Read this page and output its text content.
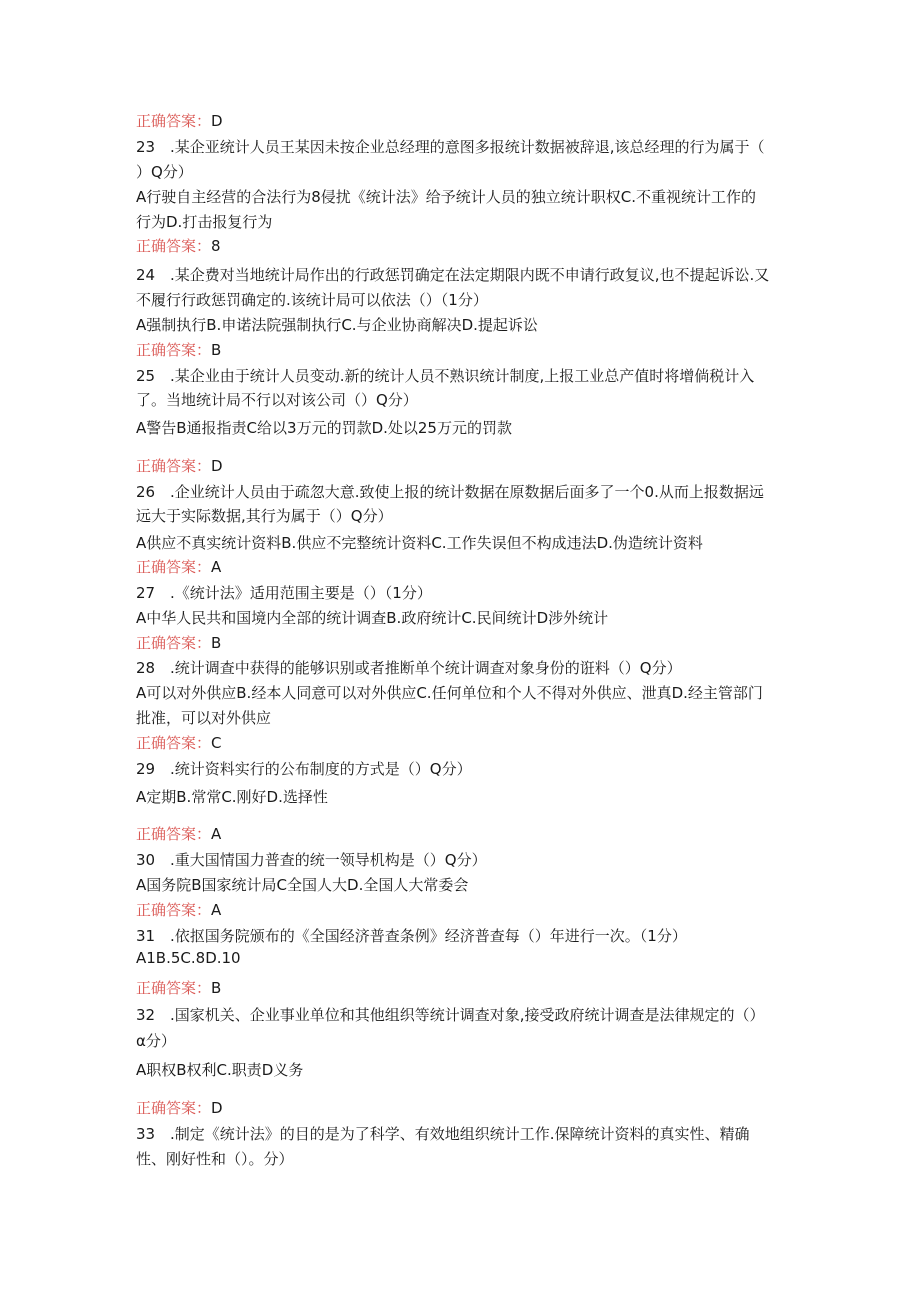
正确答案：D
23 .某企亚统计人员王某因未按企业总经理的意图多报统计数据被辞退,该总经理的行为属于（
）Q分）
A行驶自主经营的合法行为8侵扰《统计法》给予统计人员的独立统计职权C.不重视统计工作的
行为D.打击报复行为
正确答案：8
24 .某企费对当地统计局作出的行政惩罚确定在法定期限内既不申请行政复议,也不提起诉讼.又
不履行行政惩罚确定的.该统计局可以依法（）（1分）
A强制执行B.申诺法院强制执行C.与企业协商解决D.提起诉讼
正确答案：B
25 .某企业由于统计人员变动.新的统计人员不熟识统计制度,上报工业总产值时将增倘税计入
了。当地统计局不行以对该公司（）Q分）
A警告B通报指责C给以3万元的罚款D.处以25万元的罚款
正确答案：D
26 .企业统计人员由于疏忽大意.致使上报的统计数据在原数据后面多了一个0.从而上报数据远
远大于实际数据,其行为属于（）Q分）
A供应不真实统计资料B.供应不完整统计资料C.工作失误但不构成违法D.伪造统计资料
正确答案：A
27 .《统计法》适用范围主要是（）（1分）
A中华人民共和国境内全部的统计调查B.政府统计C.民间统计D涉外统计
正确答案：B
28 .统计调查中获得的能够识别或者推断单个统计调查对象身份的诳料（）Q分）
A可以对外供应B.经本人同意可以对外供应C.任何单位和个人不得对外供应、泄真D.经主管部门
批准，可以对外供应
正确答案：C
29 .统计资料实行的公布制度的方式是（）Q分）
A定期B.常常C.刚好D.选择性
正确答案：A
30 .重大国情国力普查的统一领导机构是（）Q分）
A国务院B国家统计局C全国人大D.全国人大常委会
正确答案：A
31 .依抠国务院颁布的《全国经济普查条例》经济普查每（）年进行一次。（1分）
A1B.5C.8D.10
正确答案：B
32 .国家机关、企业事业单位和其他组织等统计调查对象,接受政府统计调查是法律规定的（）
α分）
A职权B权利C.职责D义务
正确答案：D
33 .制定《统计法》的目的是为了科学、有效地组织统计工作.保障统计资料的真实性、精确
性、刚好性和（）。分）
